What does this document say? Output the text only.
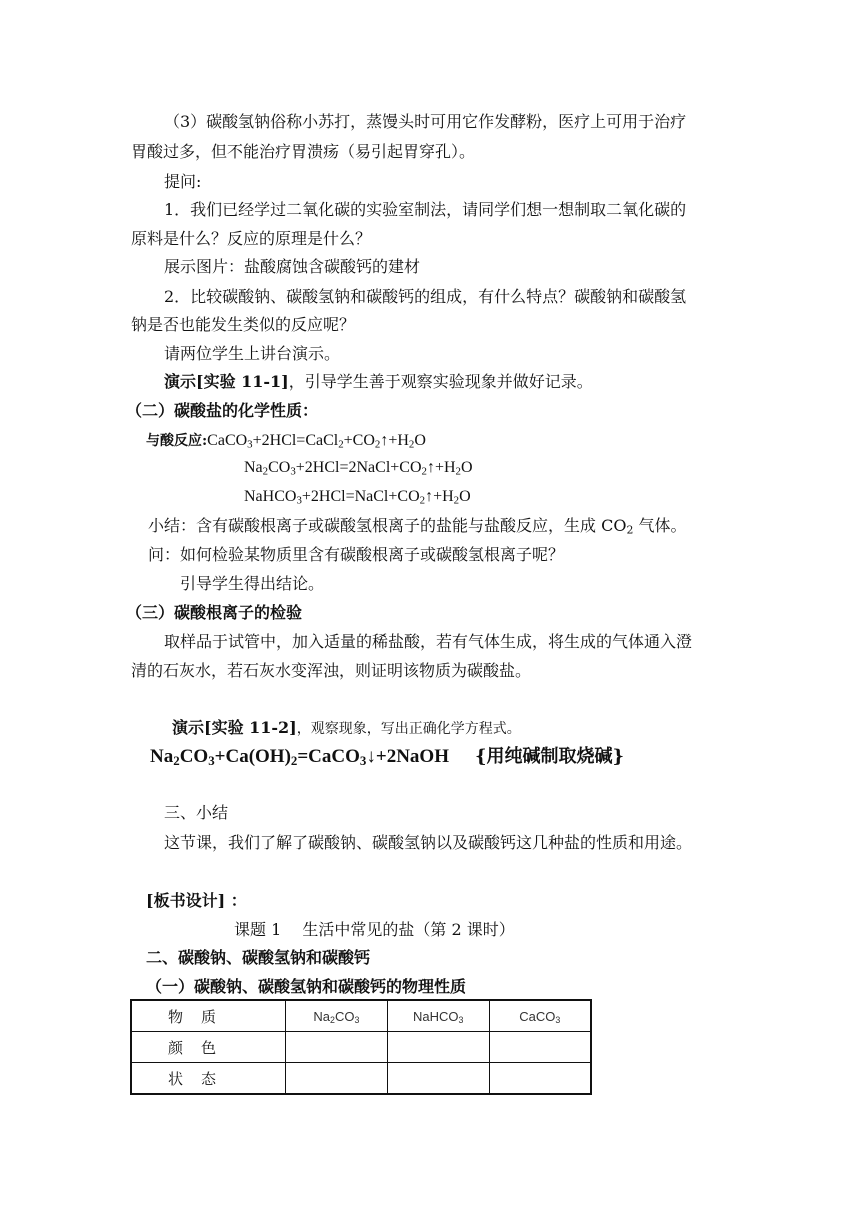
（3）碳酸氢钠俗称小苏打，蒸馒头时可用它作发酵粉，医疗上可用于治疗
胃酸过多，但不能治疗胃溃疡（易引起胃穿孔）。
提问:
1．我们已经学过二氧化碳的实验室制法，请同学们想一想制取二氧化碳的
原料是什么？反应的原理是什么？
展示图片：盐酸腐蚀含碳酸钙的建材
2．比较碳酸钠、碳酸氢钠和碳酸钙的组成，有什么特点？碳酸钠和碳酸氢
钠是否也能发生类似的反应呢？
请两位学生上讲台演示。
演示[实验 11-1]，引导学生善于观察实验现象并做好记录。
（二）碳酸盐的化学性质：
与酸反应$:CaCO_3+2HCl=CaCl_2+CO_2↑+H_2O$
$Na_2CO_3+2HCl=2NaCl+CO_2↑+H_2O$
$NaHCO_3+2HCl=NaCl+CO_2↑+H_2O$
小结：含有碳酸根离子或碳酸氢根离子的盐能与盐酸反应，生成 $CO_2$ 气体。
问：如何检验某物质里含有碳酸根离子或碳酸氢根离子呢？
引导学生得出结论。
（三）碳酸根离子的检验
取样品于试管中，加入适量的稀盐酸，若有气体生成，将生成的气体通入澄
清的石灰水，若石灰水变浑浊，则证明该物质为碳酸盐。
演示[实验 11-2]，观察现象，写出正确化学方程式。
$Na_2CO_3+Ca(OH)_2=CaCO_3↓+2NaOH$ {用纯碱制取烧碱}
三、小结
这节课，我们了解了碳酸钠、碳酸氢钠以及碳酸钙这几种盐的性质和用途。
[板书设计] ：
课题 1　 生活中常见的盐（第 2 课时）
二、碳酸钠、碳酸氢钠和碳酸钙
（一）碳酸钠、碳酸氢钠和碳酸钙的物理性质
物质	$Na_2CO_3$	NaHCO$_3$	CaCO$_3$
颜色			
状态			
